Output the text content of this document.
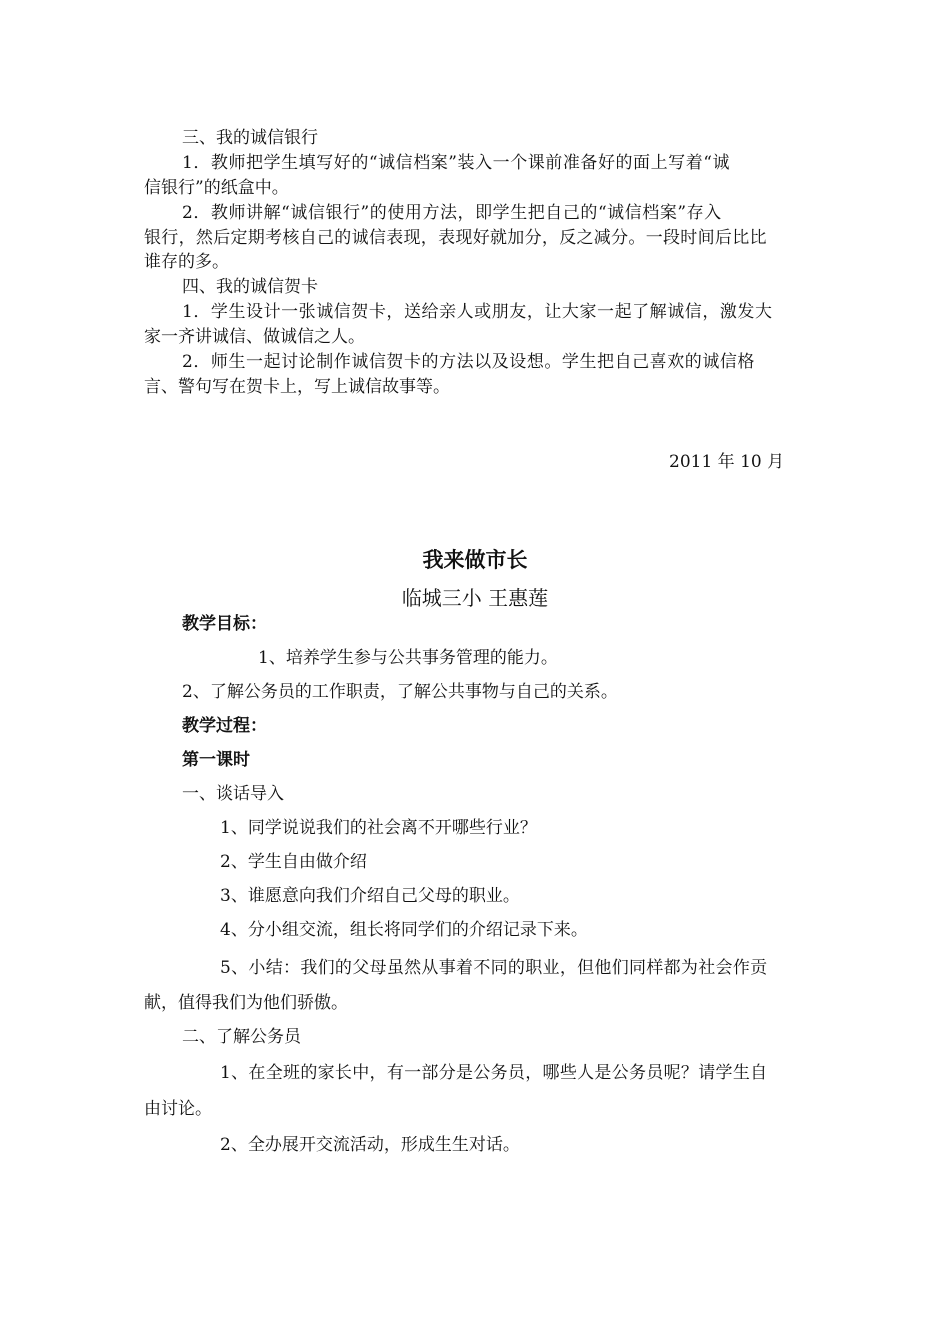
三、我的诚信银行
1．教师把学生填写好的“诚信档案”装入一个课前准备好的面上写着“诚
信银行”的纸盒中。
2．教师讲解“诚信银行”的使用方法，即学生把自己的“诚信档案”存入
银行，然后定期考核自己的诚信表现，表现好就加分，反之减分。一段时间后比比
谁存的多。
四、我的诚信贺卡
1．学生设计一张诚信贺卡，送给亲人或朋友，让大家一起了解诚信，激发大
家一齐讲诚信、做诚信之人。
2．师生一起讨论制作诚信贺卡的方法以及设想。学生把自己喜欢的诚信格
言、警句写在贺卡上，写上诚信故事等。
2011 年 10 月
我来做市长
临城三小 王惠莲
教学目标：
1、培养学生参与公共事务管理的能力。
2、了解公务员的工作职责，了解公共事物与自己的关系。
教学过程：
第一课时
一、谈话导入
1、同学说说我们的社会离不开哪些行业？
2、学生自由做介绍
3、谁愿意向我们介绍自己父母的职业。
4、分小组交流，组长将同学们的介绍记录下来。
5、小结：我们的父母虽然从事着不同的职业，但他们同样都为社会作贡
献，值得我们为他们骄傲。
二、了解公务员
1、在全班的家长中，有一部分是公务员，哪些人是公务员呢？请学生自
由讨论。
2、全办展开交流活动，形成生生对话。
